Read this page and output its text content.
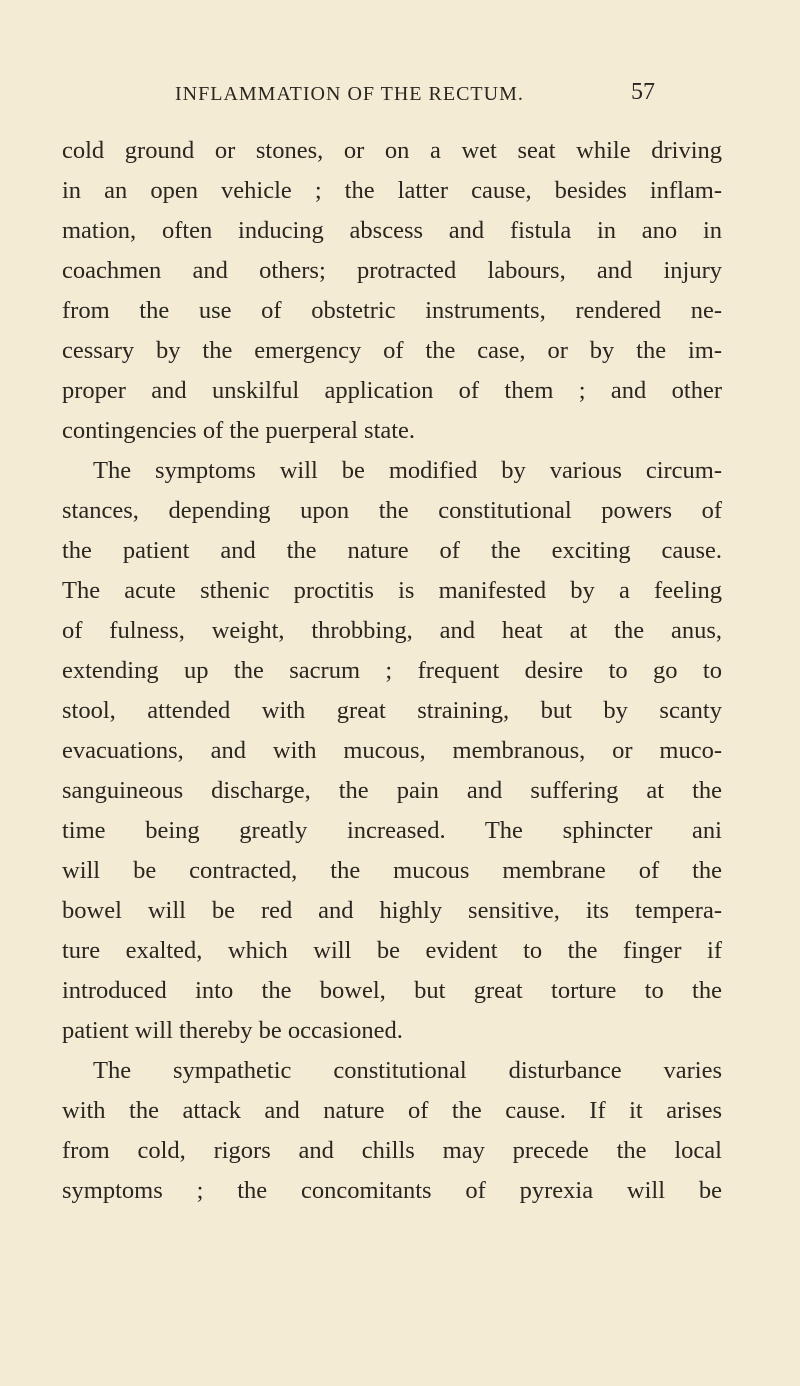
INFLAMMATION OF THE RECTUM.	57
cold ground or stones, or on a wet seat while driving
in an open vehicle ; the latter cause, besides inflam-
mation, often inducing abscess and fistula in ano in
coachmen and others; protracted labours, and injury
from the use of obstetric instruments, rendered ne-
cessary by the emergency of the case, or by the im-
proper and unskilful application of them ; and other
contingencies of the puerperal state.
The symptoms will be modified by various circum-
stances, depending upon the constitutional powers of
the patient and the nature of the exciting cause.
The acute sthenic proctitis is manifested by a feeling
of fulness, weight, throbbing, and heat at the anus,
extending up the sacrum ; frequent desire to go to
stool, attended with great straining, but by scanty
evacuations, and with mucous, membranous, or muco-
sanguineous discharge, the pain and suffering at the
time being greatly increased. The sphincter ani
will be contracted, the mucous membrane of the
bowel will be red and highly sensitive, its tempera-
ture exalted, which will be evident to the finger if
introduced into the bowel, but great torture to the
patient will thereby be occasioned.
The sympathetic constitutional disturbance varies
with the attack and nature of the cause. If it arises
from cold, rigors and chills may precede the local
symptoms ; the concomitants of pyrexia will be
